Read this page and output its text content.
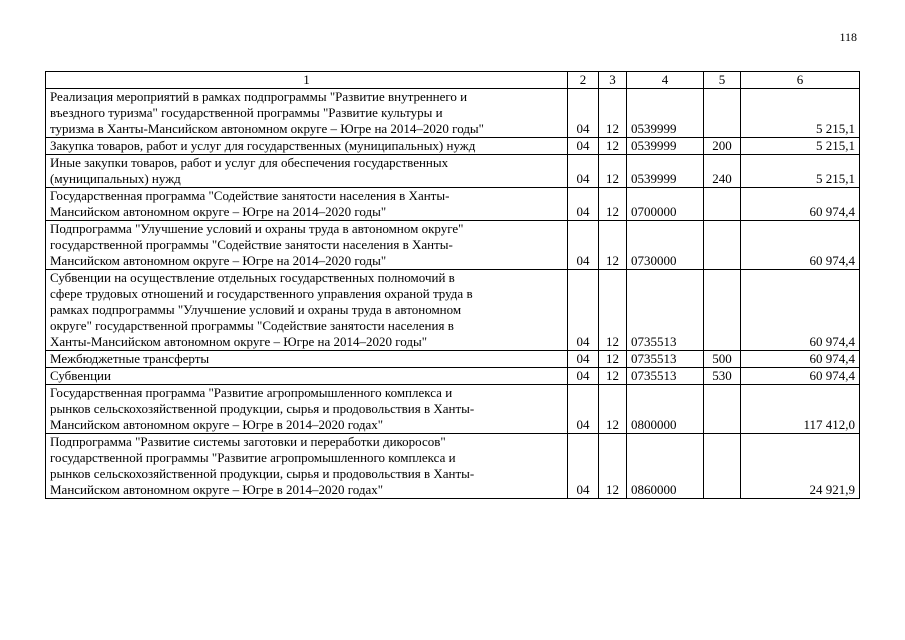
118
1	2	3	4	5	6

Реализация мероприятий в рамках подпрограммы "Развитие внутреннего и
въездного туризма" государственной программы "Развитие культуры и
туризма в Ханты-Мансийском автономном округе – Югре на 2014–2020 годы"	04	12	0539999		5 215,1

Закупка товаров, работ и услуг для государственных (муниципальных) нужд	04	12	0539999	200	5 215,1

Иные закупки товаров, работ и услуг для обеспечения государственных
(муниципальных) нужд	04	12	0539999	240	5 215,1

Государственная программа "Содействие занятости населения в Ханты-
Мансийском автономном округе – Югре на 2014–2020 годы"	04	12	0700000		60 974,4

Подпрограмма "Улучшение условий и охраны труда в автономном округе"
государственной программы "Содействие занятости населения в Ханты-
Мансийском автономном округе – Югре на 2014–2020 годы"	04	12	0730000		60 974,4

Субвенции на осуществление отдельных государственных полномочий в
сфере трудовых отношений и государственного управления охраной труда в
рамках подпрограммы "Улучшение условий и охраны труда в автономном
округе" государственной программы "Содействие занятости населения в
Ханты-Мансийском автономном округе – Югре на 2014–2020 годы"	04	12	0735513		60 974,4

Межбюджетные трансферты	04	12	0735513	500	60 974,4

Субвенции	04	12	0735513	530	60 974,4

Государственная программа "Развитие агропромышленного комплекса и
рынков сельскохозяйственной продукции, сырья и продовольствия в Ханты-
Мансийском автономном округе – Югре в 2014–2020 годах"	04	12	0800000		117 412,0

Подпрограмма "Развитие системы заготовки и переработки дикоросов"
государственной программы "Развитие агропромышленного комплекса и
рынков сельскохозяйственной продукции, сырья и продовольствия в Ханты-
Мансийском автономном округе – Югре в 2014–2020 годах"	04	12	0860000		24 921,9
